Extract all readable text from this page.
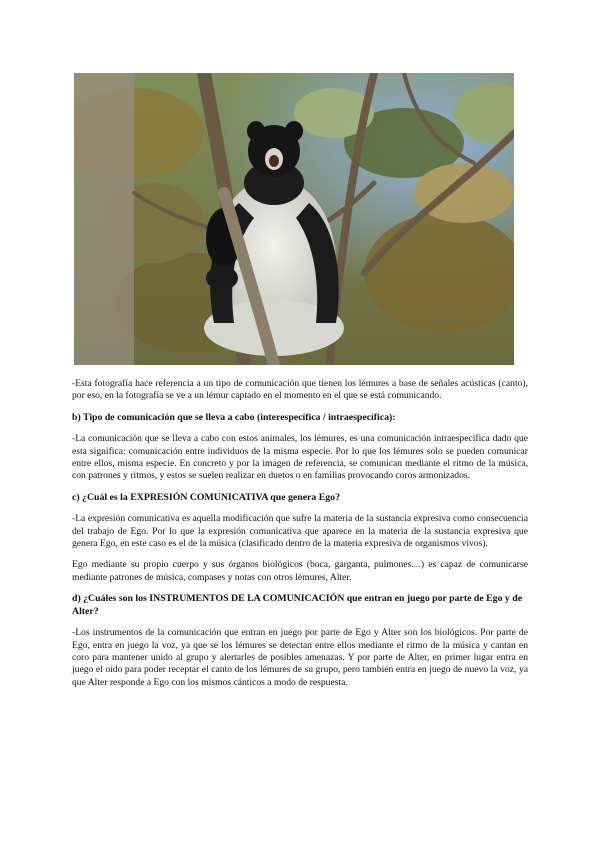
-Esta fotografía hace referencia a un tipo de comunicación que tienen los lémures a base de señales acústicas (canto), por eso, en la fotografía se ve a un lémur captado en el momento en el que se está comunicando.

b) Tipo de comunicación que se lleva a cabo (interespecífica / intraespecífica):

-La comunicación que se lleva a cabo con estos animales, los lémures, es una comunicación intraespecífica dado que esta significa: comunicación entre individuos de la misma especie. Por lo que los lémures solo se pueden comunicar entre ellos, misma especie. En concreto y por la imagen de referencia, se comunican mediante el ritmo de la música, con patrones y ritmos, y estos se suelen realizar en duetos o en familias provocando coros armonizados.

c) ¿Cuál es la EXPRESIÓN COMUNICATIVA que genera Ego?

-La expresión comunicativa es aquella modificación que sufre la materia de la sustancia expresiva como consecuencia del trabajo de Ego. Por lo que la expresión comunicativa que aparece en la materia de la sustancia expresiva que genera Ego, en este caso es el de la música (clasificado dentro de la materia expresiva de organismos vivos).

Ego mediante su propio cuerpo y sus órganos biológicos (boca, garganta, pulmones…) es capaz de comunicarse mediante patrones de música, compases y notas con otros lémures, Alter.

d) ¿Cuáles son los INSTRUMENTOS DE LA COMUNICACIÓN que entran en juego por parte de Ego y de Alter?

-Los instrumentos de la comunicación que entran en juego por parte de Ego y Alter son los biológicos. Por parte de Ego, entra en juego la voz, ya que se los lémures se detectan entre ellos mediante el ritmo de la música y cantan en coro para mantener unido al grupo y alertarles de posibles amenazas. Y por parte de Alter, en primer lugar entra en juego el oído para poder receptar el canto de los lémures de su grupo, pero también entra en juego de nuevo la voz, ya que Alter responde a Ego con los mismos cánticos a modo de respuesta.
